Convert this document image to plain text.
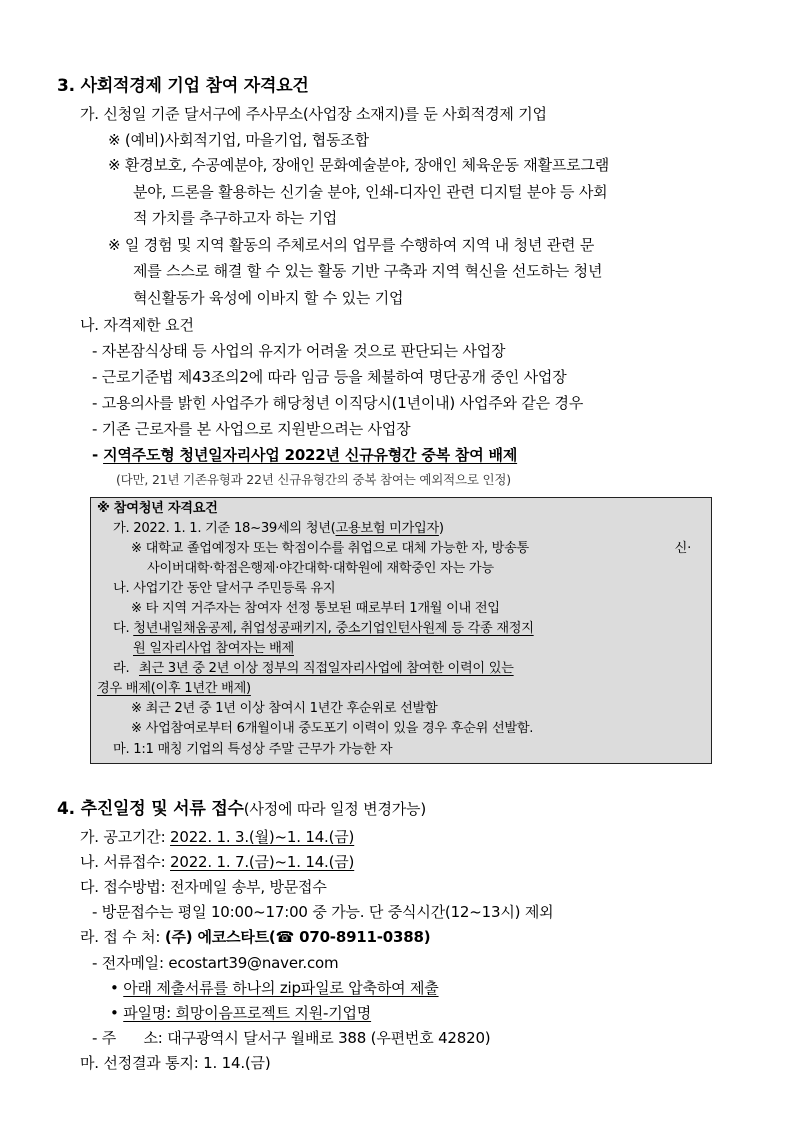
3. 사회적경제 기업 참여 자격요건
가. 신청일 기준 달서구에 주사무소(사업장 소재지)를 둔 사회적경제 기업
※ (예비)사회적기업, 마을기업, 협동조합
※ 환경보호, 수공예분야, 장애인 문화예술분야, 장애인 체육운동 재활프로그램
분야, 드론을 활용하는 신기술 분야, 인쇄-디자인 관련 디지털 분야 등 사회
적 가치를 추구하고자 하는 기업
※ 일 경험 및 지역 활동의 주체로서의 업무를 수행하여 지역 내 청년 관련 문
제를 스스로 해결 할 수 있는 활동 기반 구축과 지역 혁신을 선도하는 청년
혁신활동가 육성에 이바지 할 수 있는 기업
나. 자격제한 요건
- 자본잠식상태 등 사업의 유지가 어려울 것으로 판단되는 사업장
- 근로기준법 제43조의2에 따라 임금 등을 체불하여 명단공개 중인 사업장
- 고용의사를 밝힌 사업주가 해당청년 이직당시(1년이내) 사업주와 같은 경우
- 기존 근로자를 본 사업으로 지원받으려는 사업장
- 지역주도형 청년일자리사업 2022년 신규유형간 중복 참여 배제
(다만, 21년 기존유형과 22년 신규유형간의 중복 참여는 예외적으로 인정)
※ 참여청년 자격요건
가. 2022. 1. 1. 기준 18~39세의 청년(고용보험 미가입자)
※ 대학교 졸업예정자 또는 학점이수를 취업으로 대체 가능한 자, 방송통	신·
사이버대학·학점은행제·야간대학·대학원에 재학중인 자는 가능
나. 사업기간 동안 달서구 주민등록 유지
※ 타 지역 거주자는 참여자 선정 통보된 때로부터 1개월 이내 전입
다. 청년내일채움공제, 취업성공패키지, 중소기업인턴사원제 등 각종 재정지
원 일자리사업 참여자는 배제
라. 최근 3년 중 2년 이상 정부의 직접일자리사업에 참여한 이력이 있는
경우 배제(이후 1년간 배제)
※ 최근 2년 중 1년 이상 참여시 1년간 후순위로 선발함
※ 사업참여로부터 6개월이내 중도포기 이력이 있을 경우 후순위 선발함.
마. 1:1 매칭 기업의 특성상 주말 근무가 가능한 자
4. 추진일정 및 서류 접수(사정에 따라 일정 변경가능)
가. 공고기간: 2022. 1. 3.(월)~1. 14.(금)
나. 서류접수: 2022. 1. 7.(금)~1. 14.(금)
다. 접수방법: 전자메일 송부, 방문접수
- 방문접수는 평일 10:00~17:00 중 가능. 단 중식시간(12~13시) 제외
라. 접 수 처: (주) 에코스타트(☎ 070-8911-0388)
- 전자메일: ecostart39@naver.com
• 아래 제출서류를 하나의 zip파일로 압축하여 제출
• 파일명: 희망이음프로젝트 지원-기업명
- 주      소: 대구광역시 달서구 월배로 388 (우편번호 42820)
마. 선정결과 통지: 1. 14.(금)
